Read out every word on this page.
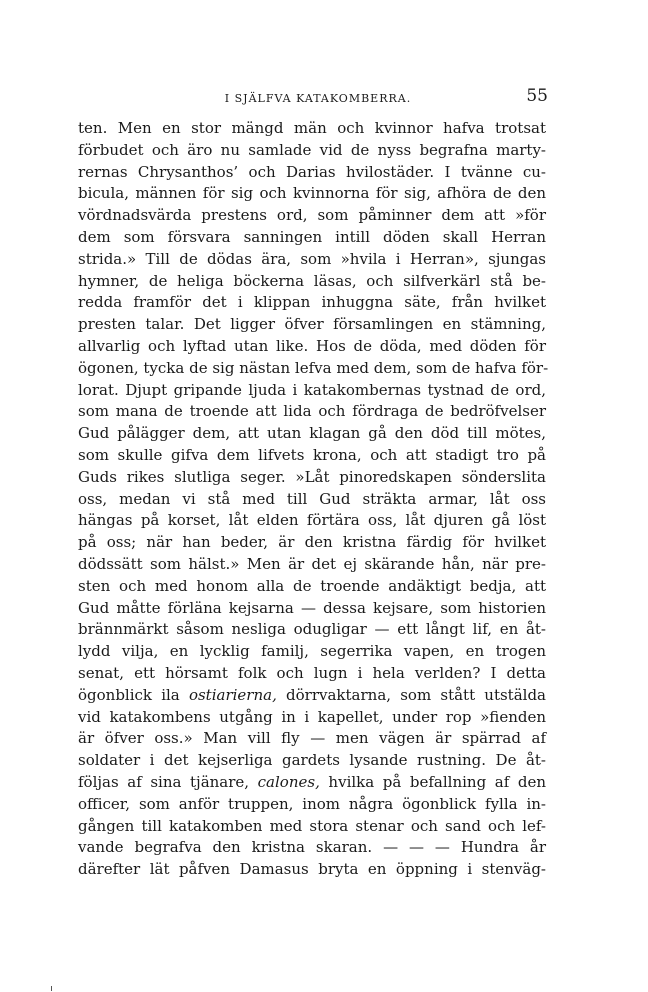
I SJÄLFVA KATAKOMBERRA.	55
ten. Men en stor mängd män och kvinnor hafva trotsat
förbudet och äro nu samlade vid de nyss begrafna marty-
rernas Chrysanthos’ och Darias hvilostäder. I tvänne cu-
bicula, männen för sig och kvinnorna för sig, afhöra de den
vördnadsvärda prestens ord, som påminner dem att »för
dem som försvara sanningen intill döden skall Herran
strida.» Till de dödas ära, som »hvila i Herran», sjungas
hymner, de heliga böckerna läsas, och silfverkärl stå be-
redda framför det i klippan inhuggna säte, från hvilket
presten talar. Det ligger öfver församlingen en stämning,
allvarlig och lyftad utan like. Hos de döda, med döden för
ögonen, tycka de sig nästan lefva med dem, som de hafva för-
lorat. Djupt gripande ljuda i katakombernas tystnad de ord,
som mana de troende att lida och fördraga de bedröfvelser
Gud pålägger dem, att utan klagan gå den död till mötes,
som skulle gifva dem lifvets krona, och att stadigt tro på
Guds rikes slutliga seger. »Låt pinoredskapen sönderslita
oss, medan vi stå med till Gud sträkta armar, låt oss
hängas på korset, låt elden förtära oss, låt djuren gå löst
på oss; när han beder, är den kristna färdig för hvilket
dödssätt som hälst.» Men är det ej skärande hån, när pre-
sten och med honom alla de troende andäktigt bedja, att
Gud måtte förläna kejsarna — dessa kejsare, som historien
brännmärkt såsom nesliga odugligar — ett långt lif, en åt-
lydd vilja, en lycklig familj, segerrika vapen, en trogen
senat, ett hörsamt folk och lugn i hela verlden? I detta
ögonblick ila ostiarierna, dörrvaktarna, som stått utstälda
vid katakombens utgång in i kapellet, under rop »fienden
är öfver oss.» Man vill fly — men vägen är spärrad af
soldater i det kejserliga gardets lysande rustning. De åt-
följas af sina tjänare, calones, hvilka på befallning af den
officer, som anför truppen, inom några ögonblick fylla in-
gången till katakomben med stora stenar och sand och lef-
vande begrafva den kristna skaran. — — — Hundra år
därefter lät påfven Damasus bryta en öppning i stenväg-
